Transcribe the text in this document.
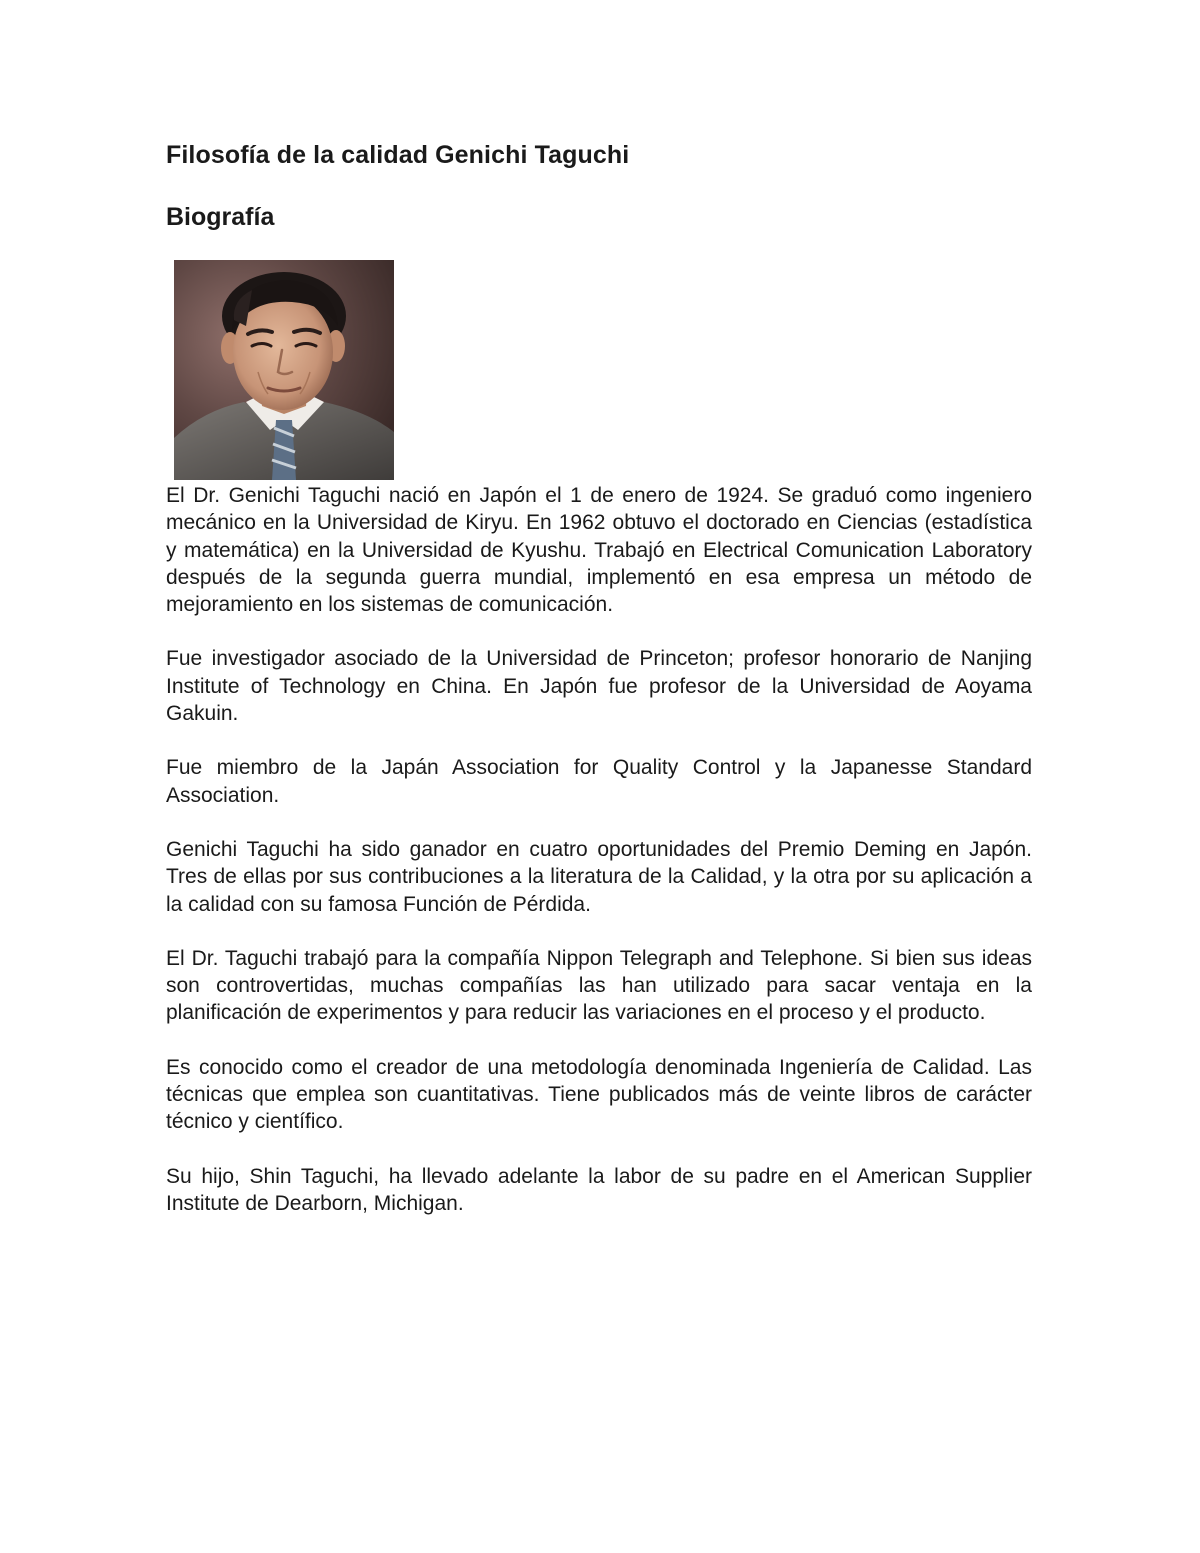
Filosofía de la calidad Genichi Taguchi
Biografía

El Dr. Genichi Taguchi nació en Japón el 1 de enero de 1924. Se graduó como ingeniero mecánico en la Universidad de Kiryu. En 1962 obtuvo el doctorado en Ciencias (estadística y matemática) en la Universidad de Kyushu. Trabajó en Electrical Comunication Laboratory después de la segunda guerra mundial, implementó en esa empresa un método de mejoramiento en los sistemas de comunicación.

Fue investigador asociado de la Universidad de Princeton; profesor honorario de Nanjing Institute of Technology en China. En Japón fue profesor de la Universidad de Aoyama Gakuin.

Fue miembro de la Japán Association for Quality Control y la Japanesse Standard Association.

Genichi Taguchi ha sido ganador en cuatro oportunidades del Premio Deming en Japón. Tres de ellas por sus contribuciones a la literatura de la Calidad, y la otra por su aplicación a la calidad con su famosa Función de Pérdida.

El Dr. Taguchi trabajó para la compañía Nippon Telegraph and Telephone. Si bien sus ideas son controvertidas, muchas compañías las han utilizado para sacar ventaja en la planificación de experimentos y para reducir las variaciones en el proceso y el producto.

Es conocido como el creador de una metodología denominada Ingeniería de Calidad. Las técnicas que emplea son cuantitativas. Tiene publicados más de veinte libros de carácter técnico y científico.

Su hijo, Shin Taguchi, ha llevado adelante la labor de su padre en el American Supplier Institute de Dearborn, Michigan.
